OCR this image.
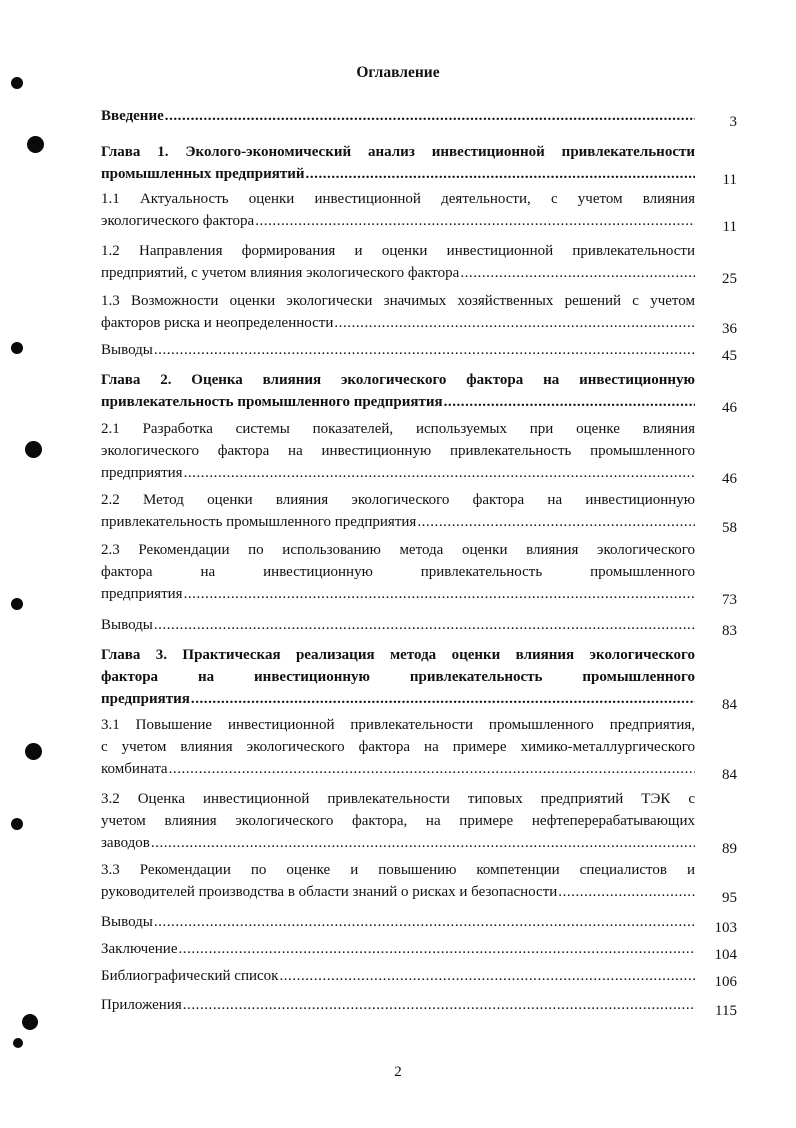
Оглавление
Введение . . .	3
Глава 1. Эколого-экономический анализ инвестиционной привлекательности
промышленных предприятий . . .	11
1.1 Актуальность оценки инвестиционной деятельности, с учетом влияния
экологического фактора . . .	11
1.2 Направления формирования и оценки инвестиционной привлекательности
предприятий, с учетом влияния экологического фактора . . .	25
1.3 Возможности оценки экологически значимых хозяйственных решений с учетом
факторов риска и неопределенности . . .	36
Выводы . . .	45
Глава 2. Оценка влияния экологического фактора на инвестиционную
привлекательность промышленного предприятия . . .	46
2.1 Разработка системы показателей, используемых при оценке влияния
экологического фактора на инвестиционную привлекательность промышленного
предприятия . . .	46
2.2 Метод оценки влияния экологического фактора на инвестиционную
привлекательность промышленного предприятия . . .	58
2.3 Рекомендации по использованию метода оценки влияния экологического
фактора на инвестиционную привлекательность промышленного
предприятия . . .	73
Выводы . . .	83
Глава 3. Практическая реализация метода оценки влияния экологического
фактора на инвестиционную привлекательность промышленного
предприятия . . .	84
3.1 Повышение инвестиционной привлекательности промышленного предприятия,
с учетом влияния экологического фактора на примере химико-металлургического
комбината . . .	84
3.2 Оценка инвестиционной привлекательности типовых предприятий ТЭК с
учетом влияния экологического фактора, на примере нефтеперерабатывающих
заводов . . .	89
3.3 Рекомендации по оценке и повышению компетенции специалистов и
руководителей производства в области знаний о рисках и безопасности . . .	95
Выводы . . .	103
Заключение . . .	104
Библиографический список . . .	106
Приложения . . .	115
2
